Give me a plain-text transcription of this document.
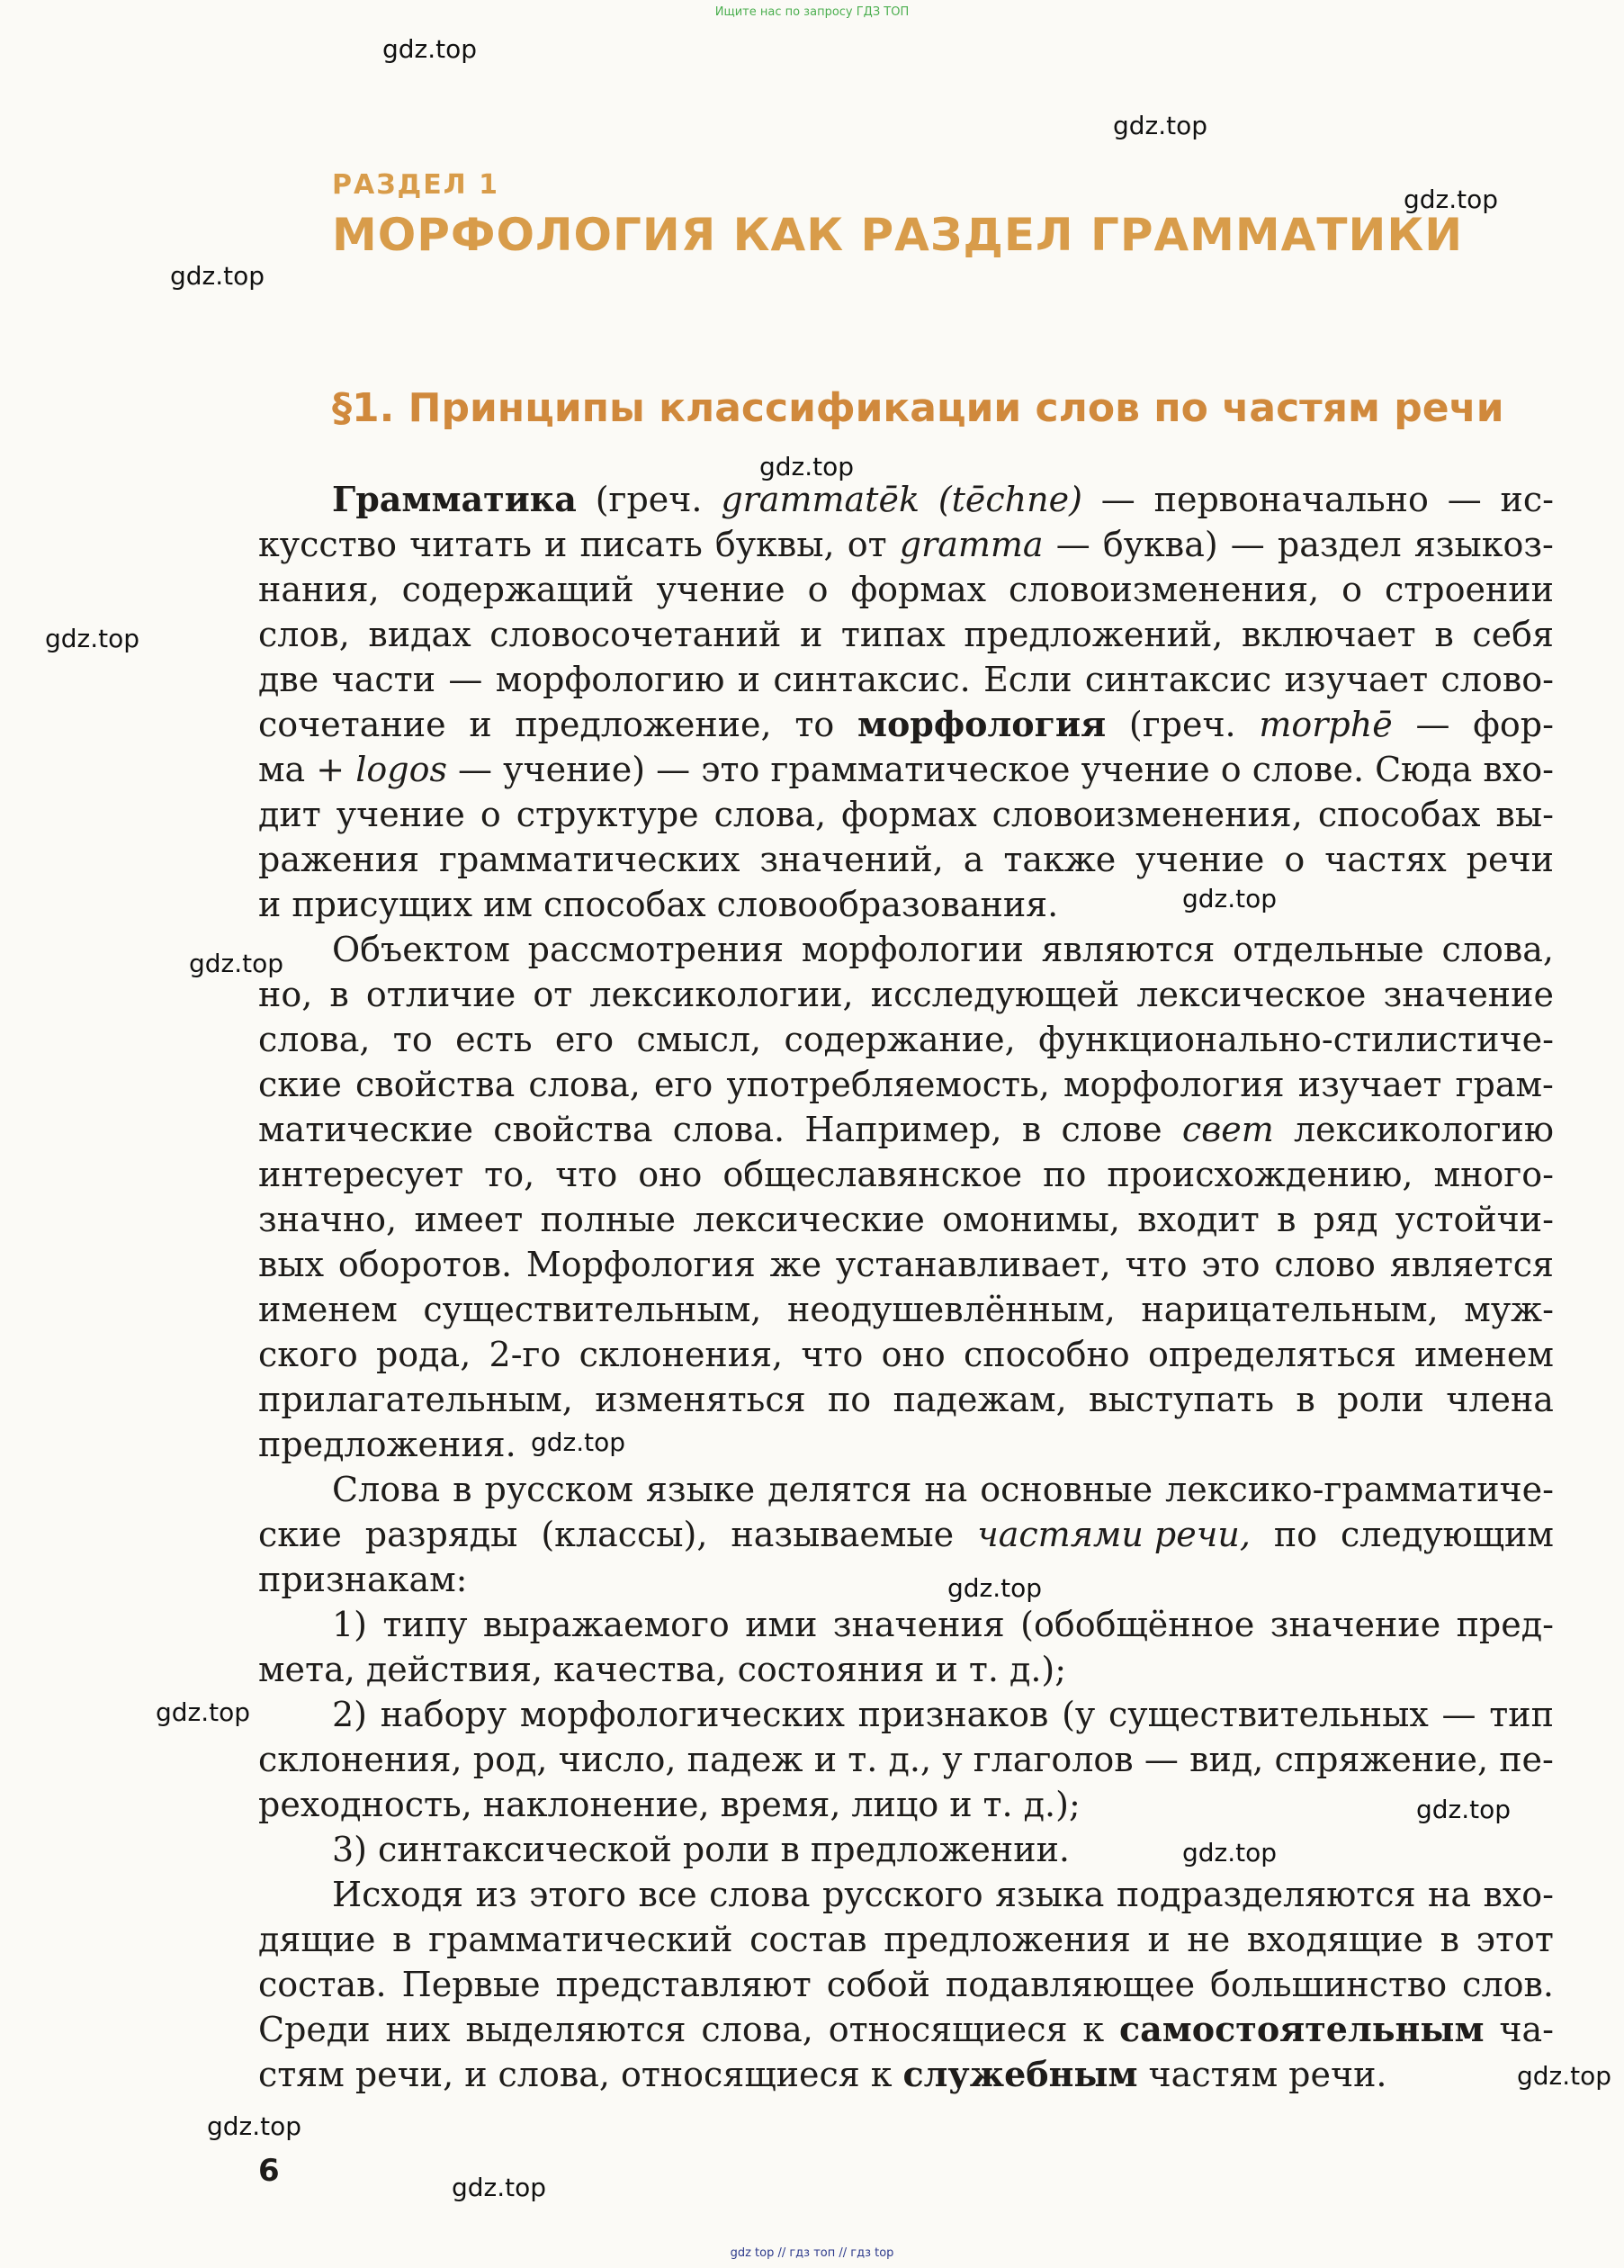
Ищите нас по запросу ГДЗ ТОП
РАЗДЕЛ 1
МОРФОЛОГИЯ КАК РАЗДЕЛ ГРАММАТИКИ
§1. Принципы классификации слов по частям речи
Грамматика (греч. grammatēk (tēchne) — первоначально — ис-
кусство читать и писать буквы, от gramma — буква) — раздел языкоз-
нания, содержащий учение о формах словоизменения, о строении
слов, видах словосочетаний и типах предложений, включает в себя
две части — морфологию и синтаксис. Если синтаксис изучает слово-
сочетание и предложение, то морфология (греч. morphē — фор-
ма + logos — учение) — это грамматическое учение о слове. Сюда вхо-
дит учение о структуре слова, формах словоизменения, способах вы-
ражения грамматических значений, а также учение о частях речи
и присущих им способах словообразования.
Объектом рассмотрения морфологии являются отдельные слова,
но, в отличие от лексикологии, исследующей лексическое значение
слова, то есть его смысл, содержание, функционально-стилистиче-
ские свойства слова, его употребляемость, морфология изучает грам-
матические свойства слова. Например, в слове свет лексикологию
интересует то, что оно общеславянское по происхождению, много-
значно, имеет полные лексические омонимы, входит в ряд устойчи-
вых оборотов. Морфология же устанавливает, что это слово является
именем существительным, неодушевлённым, нарицательным, муж-
ского рода, 2-го склонения, что оно способно определяться именем
прилагательным, изменяться по падежам, выступать в роли члена
предложения.
Слова в русском языке делятся на основные лексико-грамматиче-
ские разряды (классы), называемые частями речи, по следующим
признакам:
1) типу выражаемого ими значения (обобщённое значение пред-
мета, действия, качества, состояния и т. д.);
2) набору морфологических признаков (у существительных — тип
склонения, род, число, падеж и т. д., у глаголов — вид, спряжение, пе-
реходность, наклонение, время, лицо и т. д.);
3) синтаксической роли в предложении.
Исходя из этого все слова русского языка подразделяются на вхо-
дящие в грамматический состав предложения и не входящие в этот
состав. Первые представляют собой подавляющее большинство слов.
Среди них выделяются слова, относящиеся к самостоятельным ча-
стям речи, и слова, относящиеся к служебным частям речи.
6
gdz.top
gdz.top
gdz.top
gdz.top
gdz.top
gdz.top
gdz.top
gdz.top
gdz.top
gdz.top
gdz.top
gdz.top
gdz.top
gdz.top
gdz.top
gdz.top
gdz top // гдз топ // гдз top
